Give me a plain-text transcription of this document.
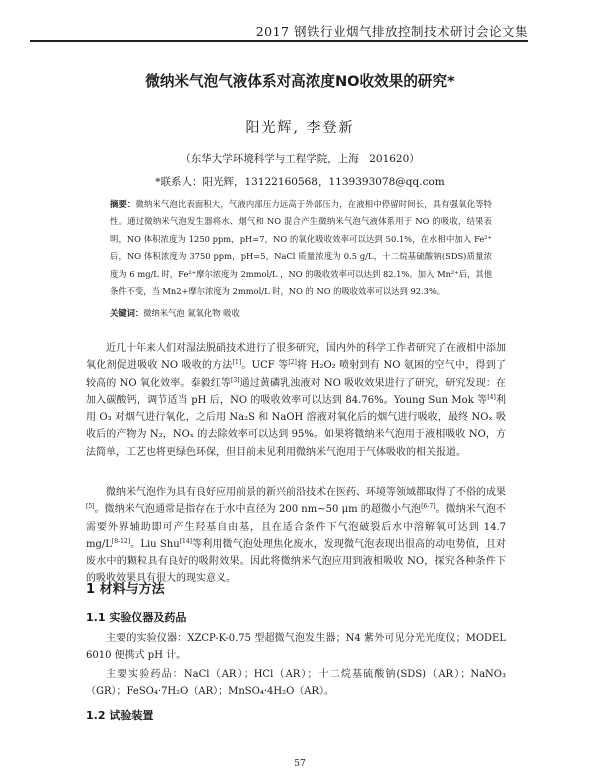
2017 钢铁行业烟气排放控制技术研讨会论文集
微纳米气泡气液体系对高浓度NO收效果的研究*
阳光辉, 李登新
（东华大学环境科学与工程学院，上海　201620）
*联系人：阳光辉，13122160568，1139393078@qq.com
摘要：微纳米气泡比表面积大，气液内部压力远高于外部压力，在液相中停留时间长，具有强氧化等特性。通过微纳米气泡发生器将水、烟气和 NO 混合产生微纳米气泡气液体系用于 NO 的吸收，结果表明，NO 体积浓度为 1250 ppm，pH=7，NO 的氧化吸收效率可以达到 50.1%，在水相中加入 Fe²⁺后，NO 体积浓度为 3750 ppm，pH=5，NaCl 质量浓度为 0.5 g/L，十二烷基硫酸钠(SDS)质量浓度为 6 mg/L 时，Fe²⁺摩尔浓度为 2mmol/L ，NO 的吸收效率可以达到 82.1%。加入 Mn²⁺后，其他条件不变，当 Mn2+摩尔浓度为 2mmol/L 时，NO 的 NO 的吸收效率可以达到 92.3%。
关键词：微纳米气泡 氮氧化物 吸收
近几十年来人们对湿法脱硝技术进行了很多研究，国内外的科学工作者研究了在液相中添加氧化剂促进吸收 NO 吸收的方法[1]。UCF 等[2]将 H₂O₂ 喷射到有 NO 氨困的空气中，得到了较高的 NO 氧化效率。泰毅红等[3]通过黄磷乳浊液对 NO 吸收效果进行了研究，研究发现：在加入碳酸钙，调节适当 pH 后，NO 的吸收效率可以达到 84.76%。Young Sun Mok 等[4]利用 O₃ 对烟气进行氧化，之后用 Na₂S 和 NaOH 溶液对氧化后的烟气进行吸收，最终 NOₓ 吸收后的产物为 N₂，NOₓ 的去除效率可以达到 95%。如果将微纳米气泡用于液相吸收 NO，方法简单，工艺也将更绿色环保，但目前未见利用微纳米气泡用于气体吸收的相关报道。
微纳米气泡作为具有良好应用前景的新兴前沿技术在医药、环境等领域都取得了不俗的成果[5]。微纳米气泡通常是指存在于水中直径为 200 nm~50 μm 的超微小气泡[6-7]。微纳米气泡不需要外界辅助即可产生羟基自由基，且在适合条件下气泡破裂后水中溶解氧可达到 14.7 mg/L[8-12]。Liu Shu[14]等利用微气泡处理焦化废水，发现微气泡表现出很高的动电势值，且对废水中的颗粒具有良好的吸附效果。因此将微纳米气泡应用到液相吸收 NO，探究各种条件下的吸收效果具有很大的现实意义。
1 材料与方法
1.1 实验仪器及药品
主要的实验仪器：XZCP-K-0.75 型超微气泡发生器；N4 紫外可见分光光度仪；MODEL 6010 便携式 pH 计。
主要实验药品：NaCl（AR）；HCl（AR）；十二烷基硫酸钠(SDS)（AR）；NaNO₃（GR）；FeSO₄·7H₂O（AR）；MnSO₄·4H₂O（AR）。
1.2 试验装置
57
